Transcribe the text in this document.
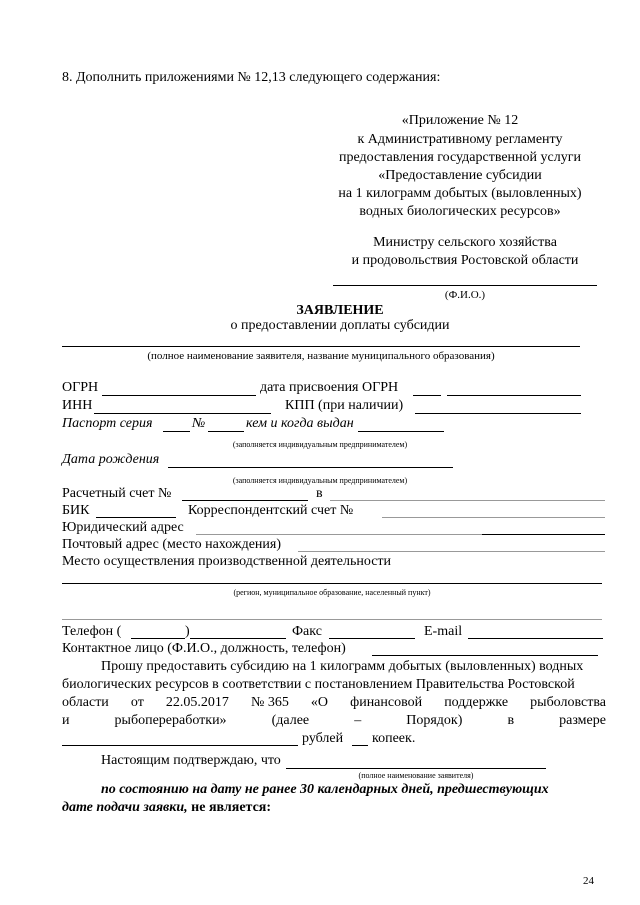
8. Дополнить приложениями № 12,13 следующего содержания:
«Приложение № 12
к Административному регламенту
предоставления государственной услуги
«Предоставление субсидии
на 1 килограмм добытых (выловленных)
водных биологических ресурсов»
Министру сельского хозяйства
и продовольствия Ростовской области
(Ф.И.О.)
ЗАЯВЛЕНИЕ
о предоставлении доплаты субсидии
(полное наименование заявителя, название муниципального образования)
ОГРН	дата присвоения ОГРН
ИНН	КПП (при наличии)
Паспорт серия	№	кем и когда выдан
(заполняется индивидуальным предпринимателем)
Дата рождения
(заполняется индивидуальным предпринимателем)
Расчетный счет №	в
БИК	Корреспондентский счет №
Юридический адрес
Почтовый адрес (место нахождения)
Место осуществления производственной деятельности
(регион, муниципальное образование, населенный пункт)
Телефон (	)	Факс	E-mail
Контактное лицо (Ф.И.О., должность, телефон)
Прошу предоставить субсидию на 1 килограмм добытых (выловленных) водных
биологических ресурсов в соответствии с постановлением Правительства Ростовской
области от 22.05.2017 № 365 «О финансовой поддержке рыболовства
и	рыбопереработки»	(далее	–	Порядок)	в	размере
рублей копеек.
Настоящим подтверждаю, что
(полное наименование заявителя)
по состоянию на дату не ранее 30 календарных дней, предшествующих
дате подачи заявки, не является:
24
